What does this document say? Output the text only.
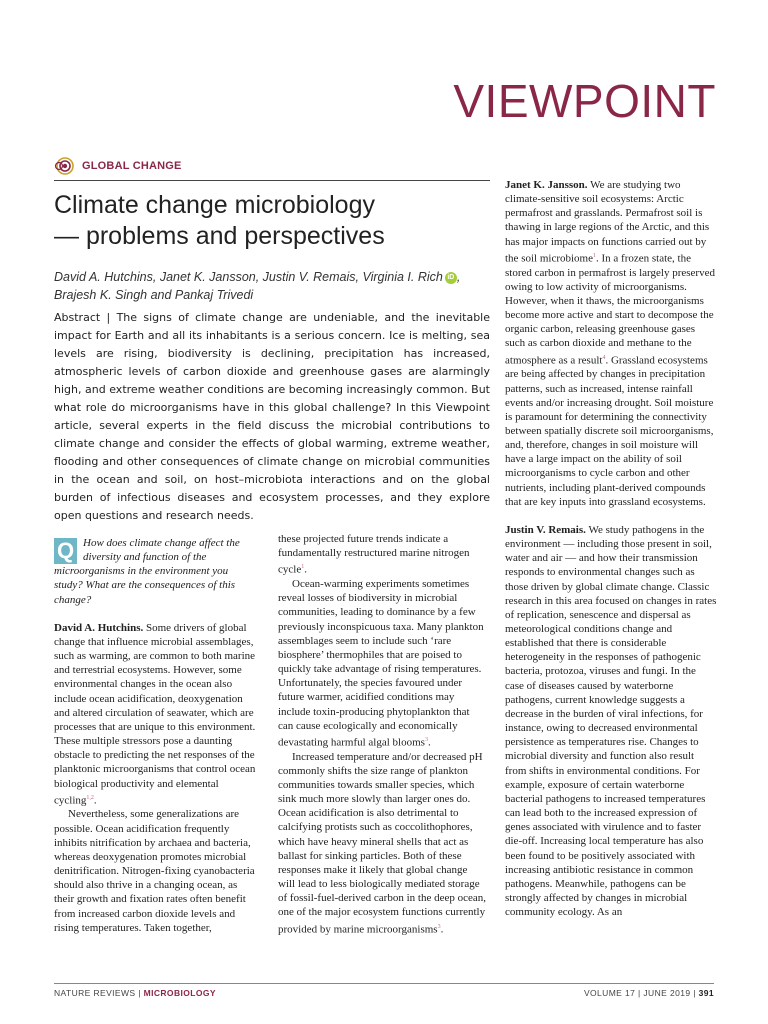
VIEWPOINT
GLOBAL CHANGE
Climate change microbiology
— problems and perspectives
David A. Hutchins, Janet K. Jansson, Justin V. Remais, Virginia I. Rich iD ,
Brajesh K. Singh and Pankaj Trivedi
Abstract | The signs of climate change are undeniable, and the inevitable impact for Earth and all its inhabitants is a serious concern. Ice is melting, sea levels are rising, biodiversity is declining, precipitation has increased, atmospheric levels of carbon dioxide and greenhouse gases are alarmingly high, and extreme weather conditions are becoming increasingly common. But what role do microorganisms have in this global challenge? In this Viewpoint article, several experts in the field discuss the microbial contributions to climate change and consider the effects of global warming, extreme weather, flooding and other consequences of climate change on microbial communities in the ocean and soil, on host–microbiota interactions and on the global burden of infectious diseases and ecosystem processes, and they explore open questions and research needs.

Q How does climate change affect the diversity and function of the microorganisms in the environment you study? What are the consequences of this change?

David A. Hutchins. Some drivers of global change that influence microbial assemblages, such as warming, are common to both marine and terrestrial ecosystems. However, some environmental changes in the ocean also include ocean acidification, deoxygenation and altered circulation of seawater, which are processes that are unique to this environment. These multiple stressors pose a daunting obstacle to predicting the net responses of the planktonic microorganisms that control ocean biological productivity and elemental cycling$^{1,2}$.

Nevertheless, some generalizations are possible. Ocean acidification frequently inhibits nitrification by archaea and bacteria, whereas deoxygenation promotes microbial denitrification. Nitrogen-fixing cyanobacteria should also thrive in a changing ocean, as their growth and fixation rates often benefit from increased carbon dioxide levels and rising temperatures. Taken together,

these projected future trends indicate a fundamentally restructured marine nitrogen cycle$^1$.

Ocean-warming experiments sometimes reveal losses of biodiversity in microbial communities, leading to dominance by a few previously inconspicuous taxa. Many plankton assemblages seem to include such ‘rare biosphere’ thermophiles that are poised to quickly take advantage of rising temperatures. Unfortunately, the species favoured under future warmer, acidified conditions may include toxin-producing phytoplankton that can cause ecologically and economically devastating harmful algal blooms$^3$.

Increased temperature and/or decreased pH commonly shifts the size range of plankton communities towards smaller species, which sink much more slowly than larger ones do. Ocean acidification is also detrimental to calcifying protists such as coccolithophores, which have heavy mineral shells that act as ballast for sinking particles. Both of these responses make it likely that global change will lead to less biologically mediated storage of fossil-fuel-derived carbon in the deep ocean, one of the major ecosystem functions currently provided by marine microorganisms$^3$.

Janet K. Jansson. We are studying two climate-sensitive soil ecosystems: Arctic permafrost and grasslands. Permafrost soil is thawing in large regions of the Arctic, and this has major impacts on functions carried out by the soil microbiome$^1$. In a frozen state, the stored carbon in permafrost is largely preserved owing to low activity of microorganisms. However, when it thaws, the microorganisms become more active and start to decompose the organic carbon, releasing greenhouse gases such as carbon dioxide and methane to the atmosphere as a result$^4$. Grassland ecosystems are being affected by changes in precipitation patterns, such as increased, intense rainfall events and/or increasing drought. Soil moisture is paramount for determining the connectivity between spatially discrete soil microorganisms, and, therefore, changes in soil moisture will have a large impact on the ability of soil microorganisms to cycle carbon and other nutrients, including plant-derived compounds that are key inputs into grassland ecosystems.

Justin V. Remais. We study pathogens in the environment — including those present in soil, water and air — and how their transmission responds to environmental changes such as those driven by global climate change. Classic research in this area focused on changes in rates of replication, senescence and dispersal as meteorological conditions change and established that there is considerable heterogeneity in the responses of pathogenic bacteria, protozoa, viruses and fungi. In the case of diseases caused by waterborne pathogens, current knowledge suggests a decrease in the burden of viral infections, for instance, owing to decreased environmental persistence as temperatures rise. Changes to microbial diversity and function also result from shifts in environmental conditions. For example, exposure of certain waterborne bacterial pathogens to increased temperatures can lead both to the increased expression of genes associated with virulence and to faster die-off. Increasing local temperature has also been found to be positively associated with increasing antibiotic resistance in common pathogens. Meanwhile, pathogens can be strongly affected by changes in microbial community ecology. As an

NATURE REVIEWS | MICROBIOLOGY	VOLUME 17 | JUNE 2019 | 391
